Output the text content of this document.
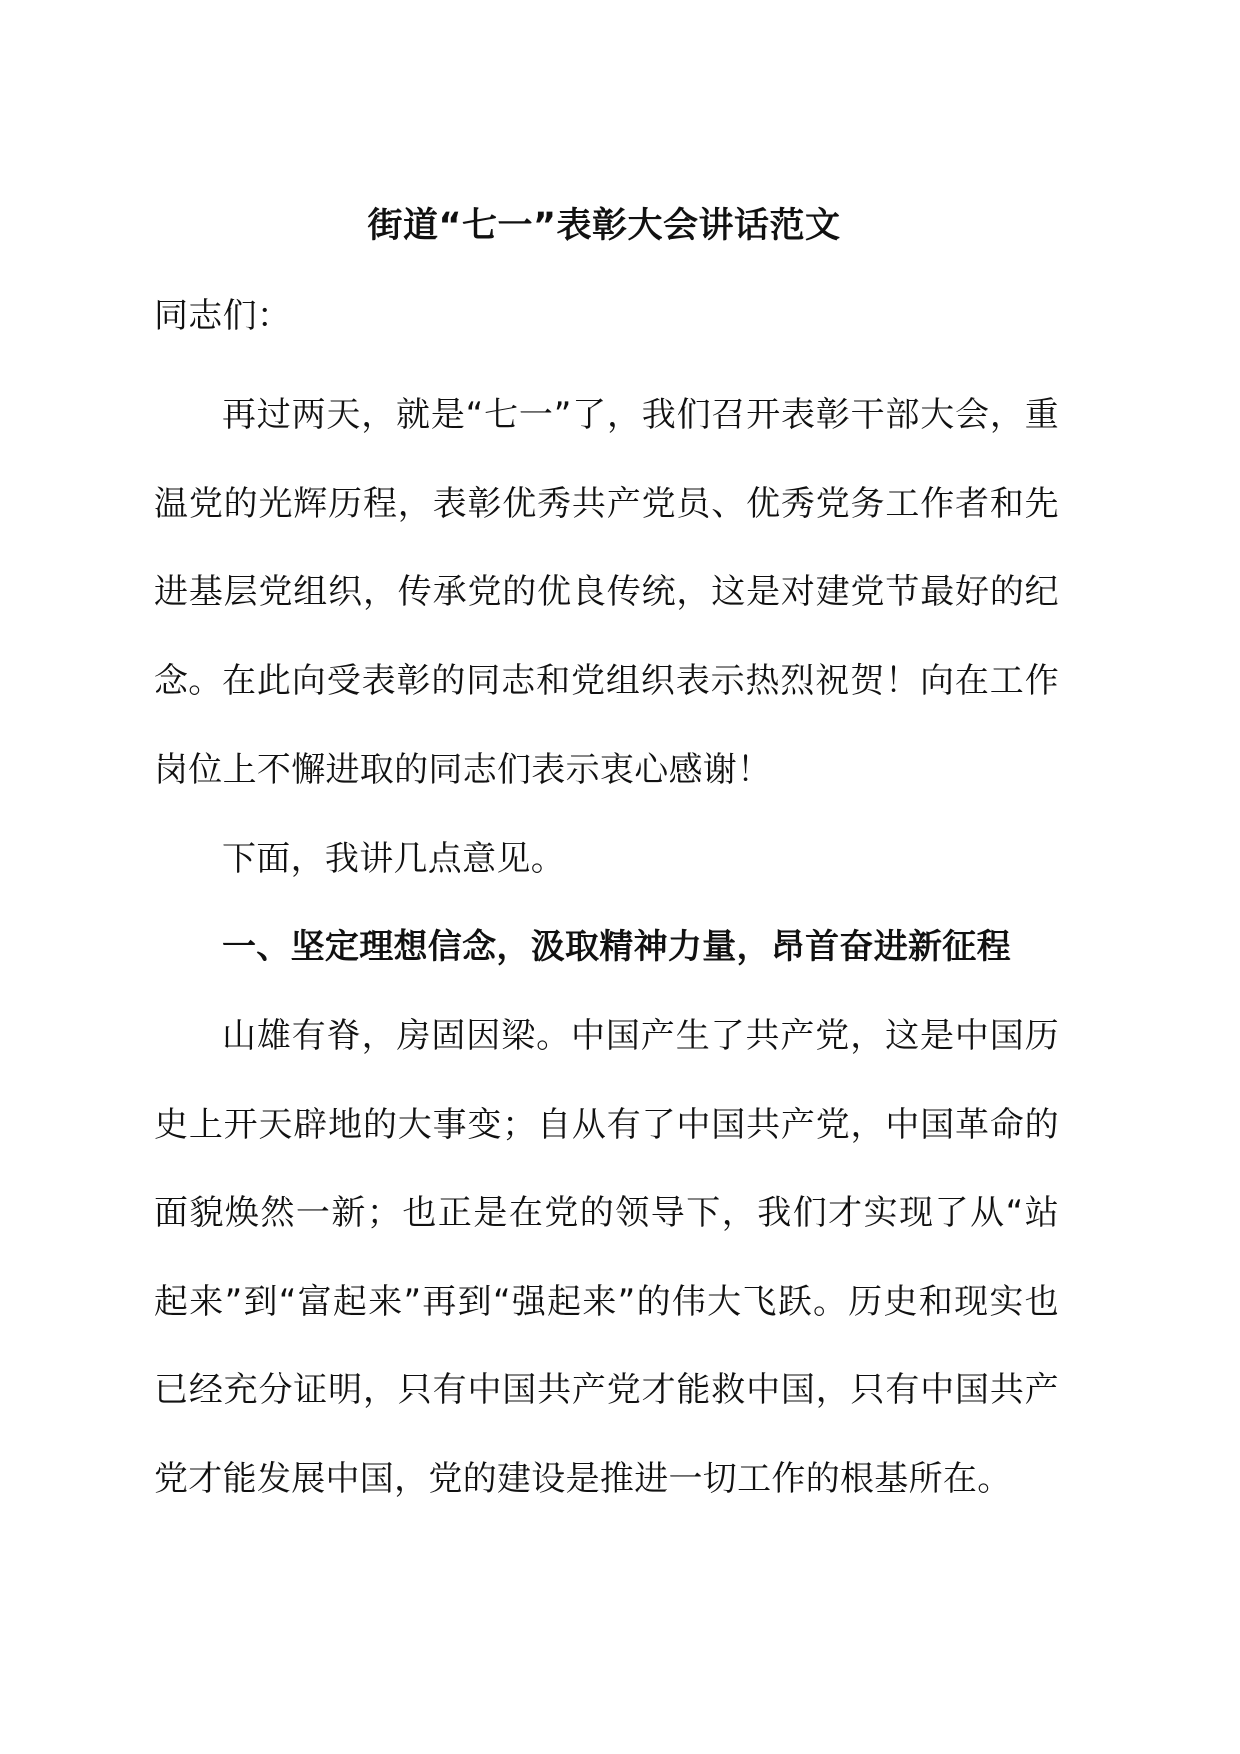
街道“七一”表彰大会讲话范文
同志们：
再过两天，就是“七一”了，我们召开表彰干部大会，重温党的光辉历程，表彰优秀共产党员、优秀党务工作者和先进基层党组织，传承党的优良传统，这是对建党节最好的纪念。 在此向受表彰的同志和党组织表示热烈祝贺！向在工作岗位上不懈进取的同志们表示衷心感谢！
下面，我讲几点意见。
一、坚定理想信念，汲取精神力量，昂首奋进新征程
山雄有脊，房固因梁。中国产生了共产党，这是中国历史上开天辟地的大事变；自从有了中国共产党，中国革命的面貌焕然一新；也正是在党的领导下，我们才实现了从“站起来”到“富起来”再到“强起来”的伟大飞跃。历史和现实也已经充分证明，只有中国共产党才能救中国，只有中国共产党才能发展中国，党的建设是推进一切工作的根基所在。
